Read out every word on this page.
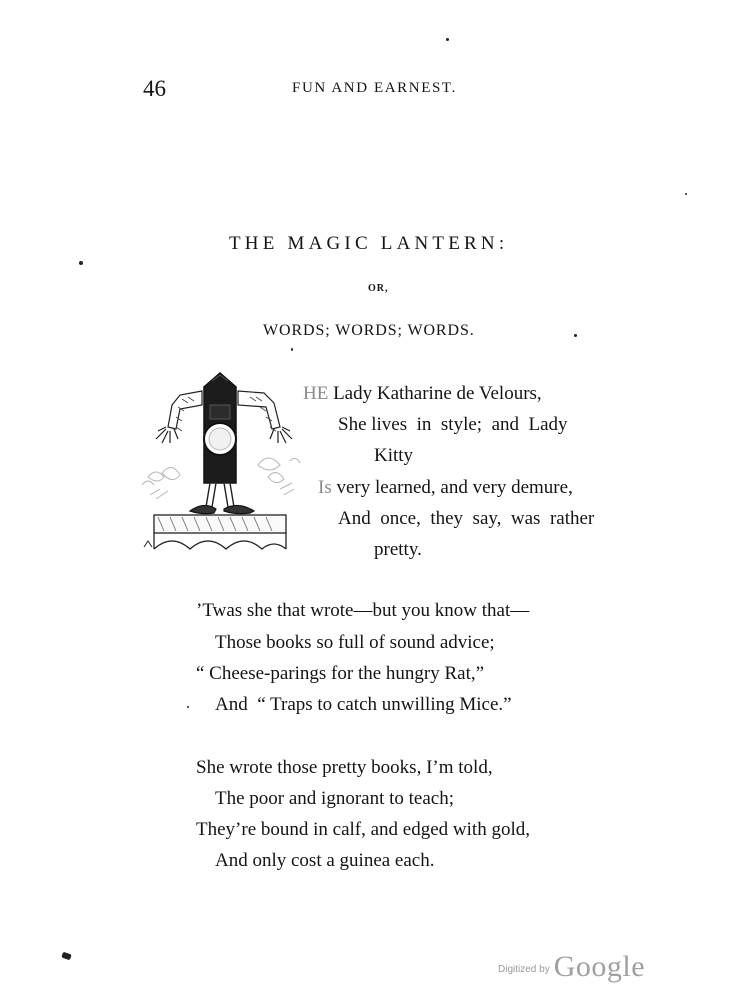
46	FUN AND EARNEST.
THE MAGIC LANTERN:
OR,
WORDS; WORDS; WORDS.
HE Lady Katharine de Velours,
She lives  in  style;  and  Lady
Kitty
Is very learned, and very demure,
And  once,  they  say,  was  rather
pretty.
’Twas she that wrote—but you know that—
Those books so full of sound advice;
“ Cheese-parings for the hungry Rat,”
And  “ Traps to catch unwilling Mice.”
She wrote those pretty books, I’m told,
The poor and ignorant to teach;
They’re bound in calf, and edged with gold,
And only cost a guinea each.
$^{Digitized by}$ Google
